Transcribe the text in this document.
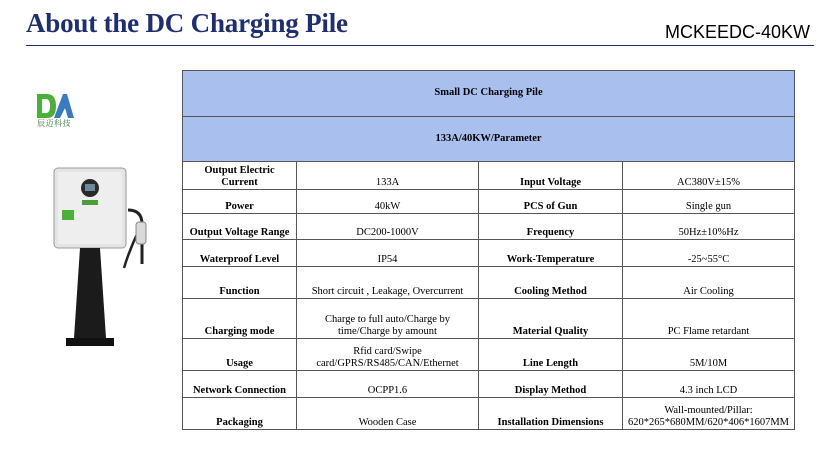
About the DC Charging Pile	MCKEEDC-40KW
辰迈科技
Small DC Charging Pile			
133A/40KW/Parameter			
Output Electric Current	133A	Input Voltage	AC380V±15%
Power	40kW	PCS of Gun	Single gun
Output Voltage Range	DC200-1000V	Frequency	50Hz±10%Hz
Waterproof Level	IP54	Work-Temperature	-25~55°C
Function	Short circuit , Leakage, Overcurrent	Cooling Method	Air Cooling
Charging mode	Charge to full auto/Charge by time/Charge by amount	Material Quality	PC Flame retardant
Usage	Rfid card/Swipe card/GPRS/RS485/CAN/Ethernet	Line Length	5M/10M
Network Connection	OCPP1.6	Display Method	4.3 inch LCD
Packaging	Wooden Case	Installation Dimensions	Wall-mounted/Pillar: 620*265*680MM/620*406*1607MM
